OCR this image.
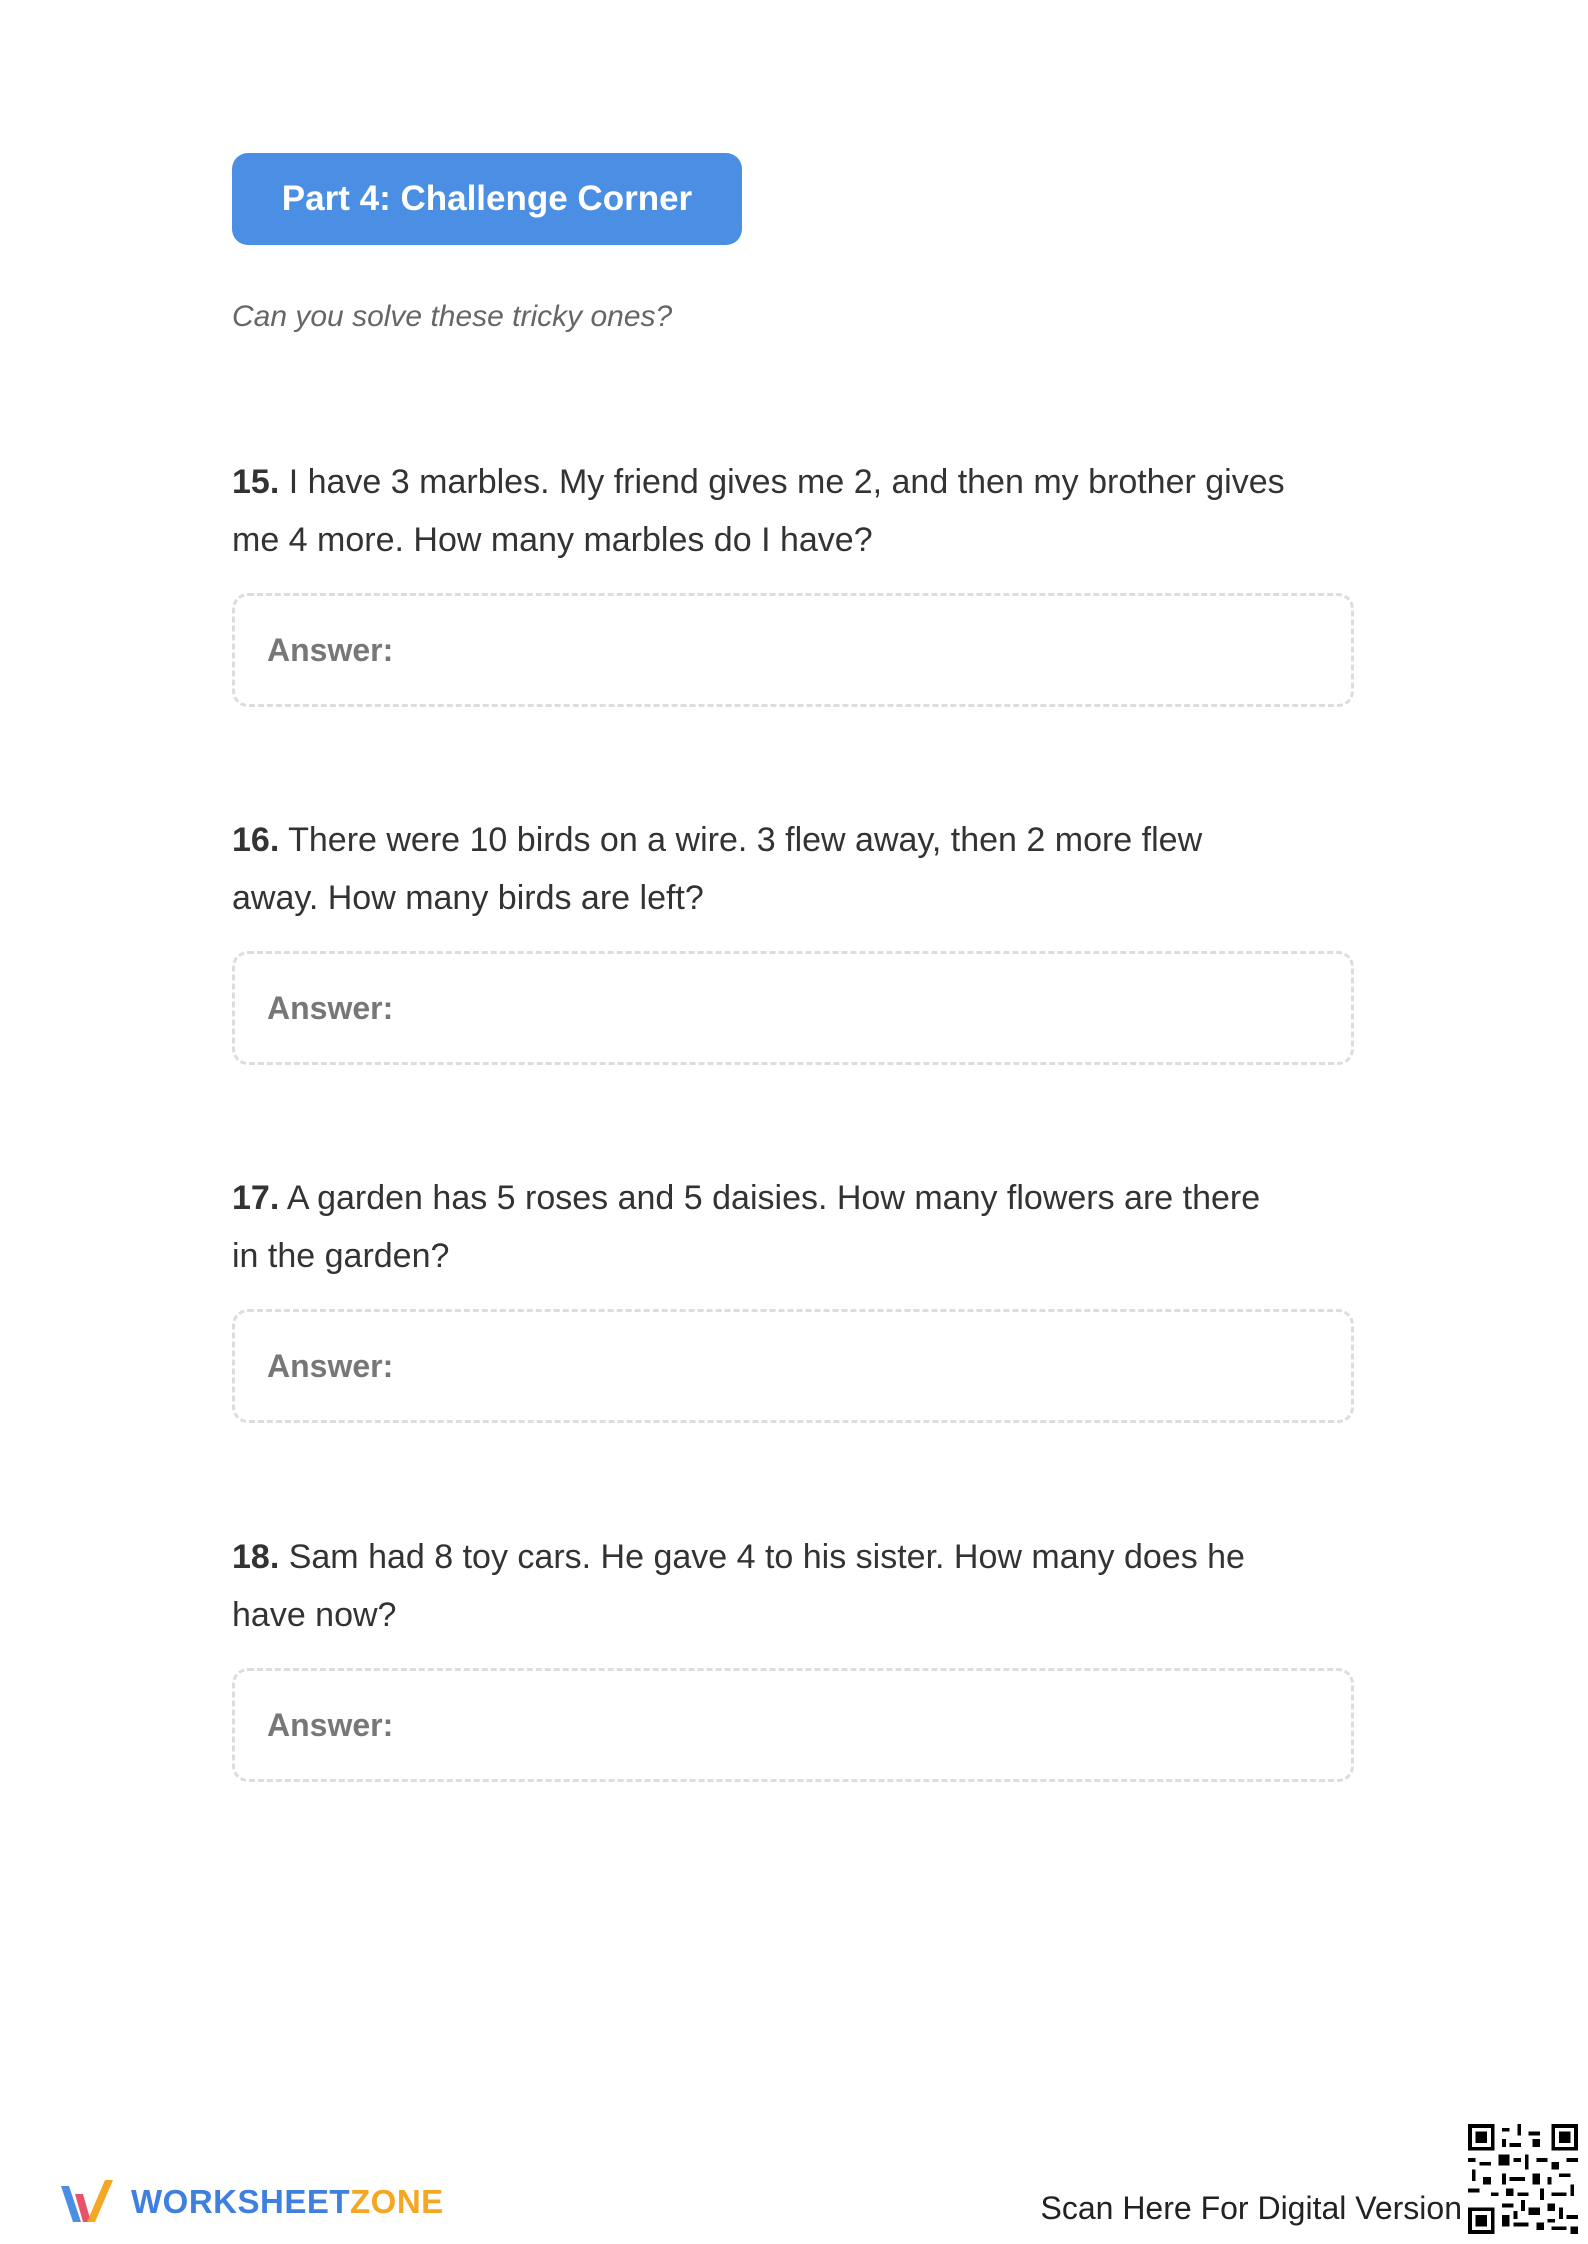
Part 4: Challenge Corner
Can you solve these tricky ones?
15. I have 3 marbles. My friend gives me 2, and then my brother gives
me 4 more. How many marbles do I have?
Answer:
16. There were 10 birds on a wire. 3 flew away, then 2 more flew
away. How many birds are left?
Answer:
17. A garden has 5 roses and 5 daisies. How many flowers are there
in the garden?
Answer:
18. Sam had 8 toy cars. He gave 4 to his sister. How many does he
have now?
Answer:
WORKSHEETZONE	Scan Here For Digital Version
